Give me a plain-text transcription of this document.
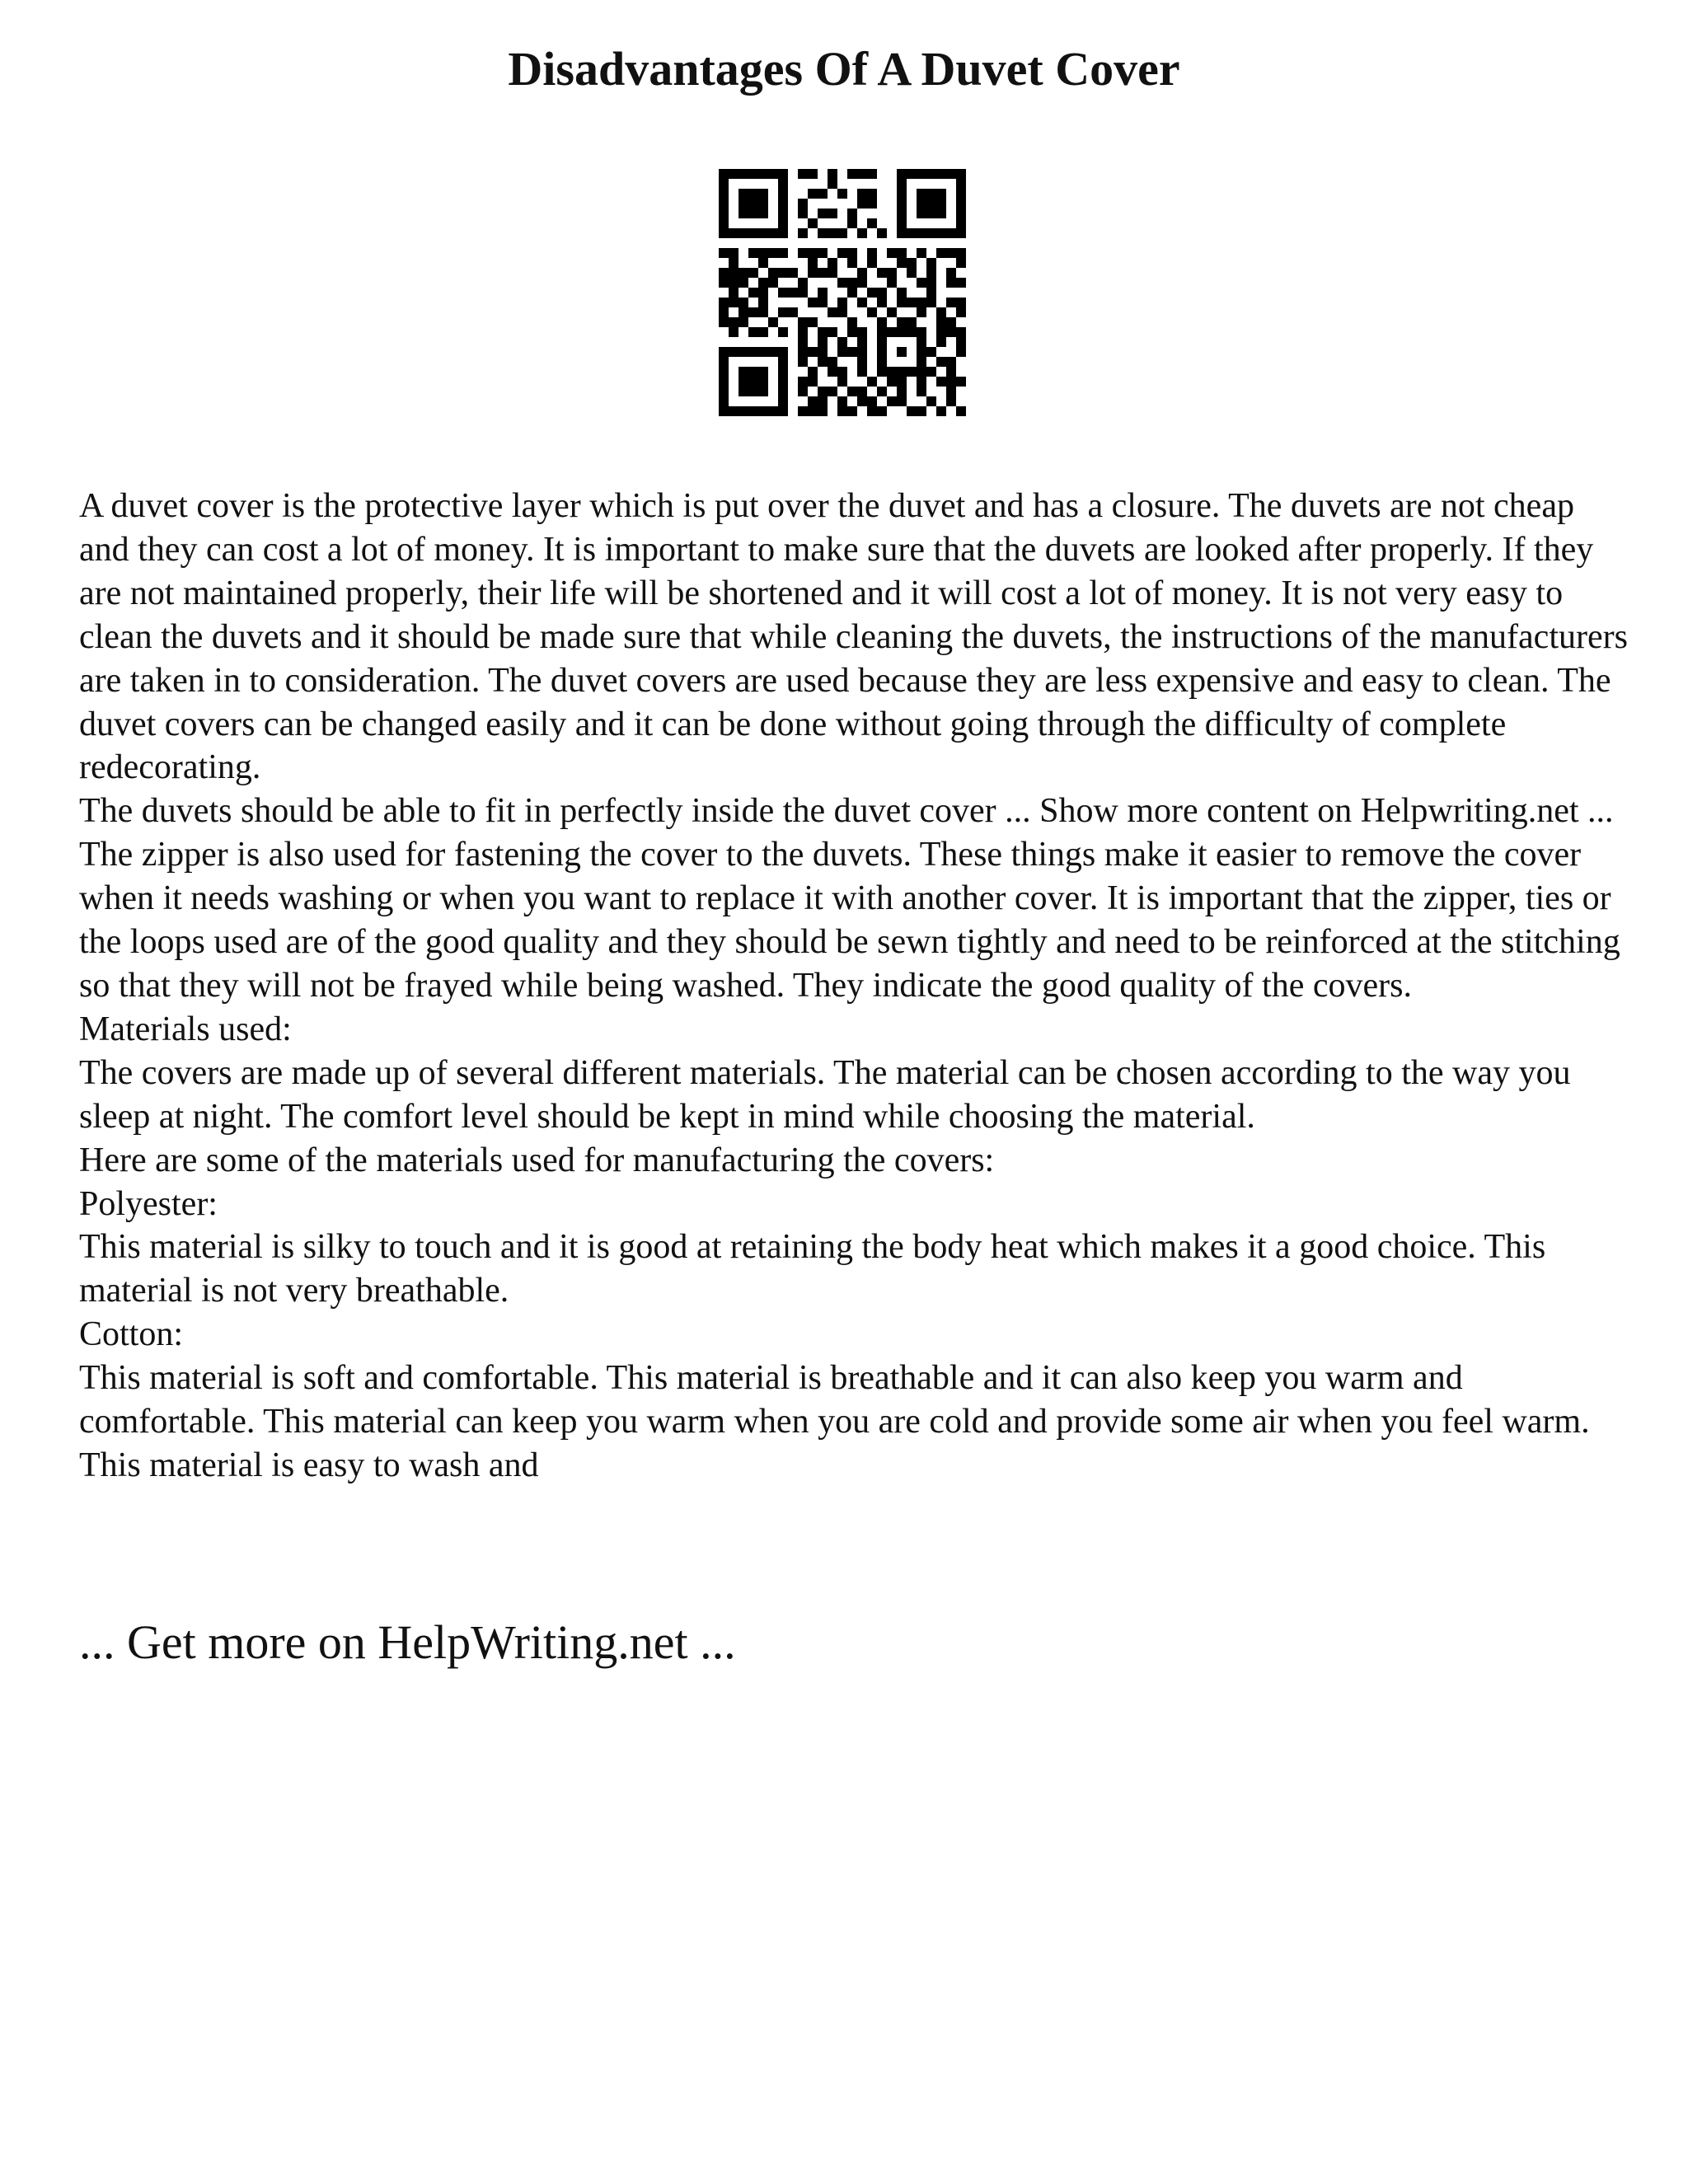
Disadvantages Of A Duvet Cover

A duvet cover is the protective layer which is put over the duvet and has a closure. The duvets are not cheap and they can cost a lot of money. It is important to make sure that the duvets are looked after properly. If they are not maintained properly, their life will be shortened and it will cost a lot of money. It is not very easy to clean the duvets and it should be made sure that while cleaning the duvets, the instructions of the manufacturers are taken in to consideration. The duvet covers are used because they are less expensive and easy to clean. The duvet covers can be changed easily and it can be done without going through the difficulty of complete redecorating.

The duvets should be able to fit in perfectly inside the duvet cover ... Show more content on Helpwriting.net ...

The zipper is also used for fastening the cover to the duvets. These things make it easier to remove the cover when it needs washing or when you want to replace it with another cover. It is important that the zipper, ties or the loops used are of the good quality and they should be sewn tightly and need to be reinforced at the stitching so that they will not be frayed while being washed. They indicate the good quality of the covers.

Materials used:

The covers are made up of several different materials. The material can be chosen according to the way you sleep at night. The comfort level should be kept in mind while choosing the material.

Here are some of the materials used for manufacturing the covers:

Polyester:

This material is silky to touch and it is good at retaining the body heat which makes it a good choice. This material is not very breathable.

Cotton:

This material is soft and comfortable. This material is breathable and it can also keep you warm and comfortable. This material can keep you warm when you are cold and provide some air when you feel warm. This material is easy to wash and

... Get more on HelpWriting.net ...
